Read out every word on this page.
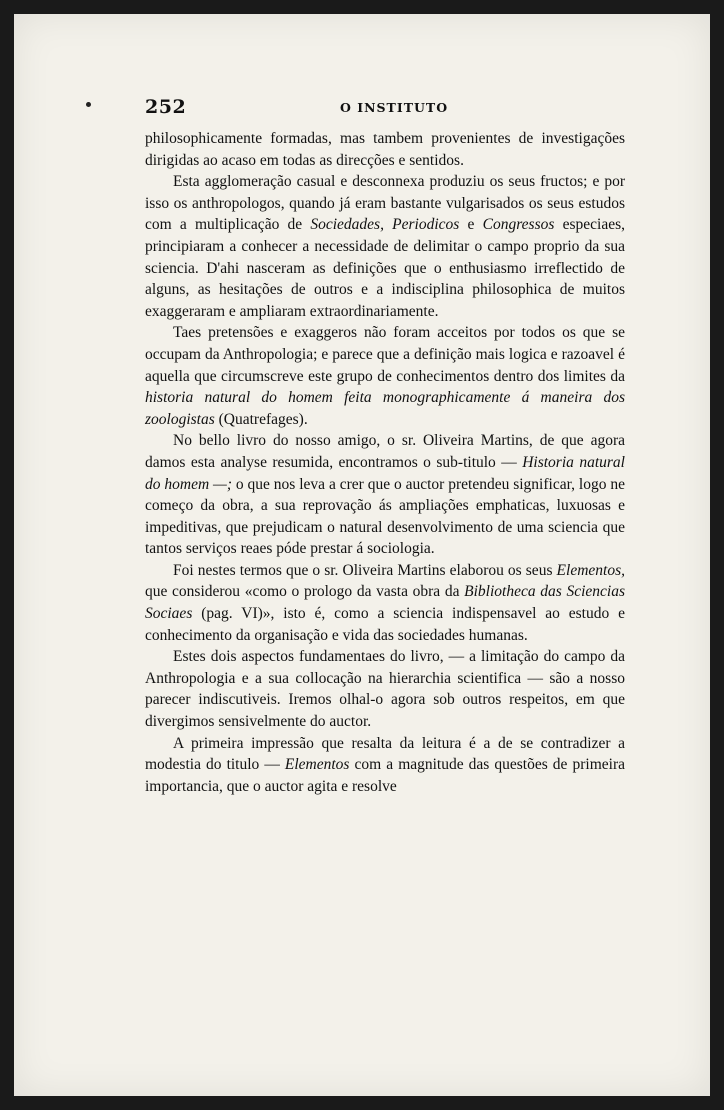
252	O INSTITUTO

philosophicamente formadas, mas tambem provenientes de investigações dirigidas ao acaso em todas as direcções e sentidos.

Esta agglomeração casual e desconnexa produziu os seus fructos; e por isso os anthropologos, quando já eram bastante vulgarisados os seus estudos com a multiplicação de Sociedades, Periodicos e Congressos especiaes, principiaram a conhecer a necessidade de delimitar o campo proprio da sua sciencia. D'ahi nasceram as definições que o enthusiasmo irreflectido de alguns, as hesitações de outros e a indisciplina philosophica de muitos exaggeraram e ampliaram extraordinariamente.

Taes pretensões e exaggeros não foram acceitos por todos os que se occupam da Anthropologia; e parece que a definição mais logica e razoavel é aquella que circumscreve este grupo de conhecimentos dentro dos limites da historia natural do homem feita monographicamente á maneira dos zoologistas (Quatrefages).

No bello livro do nosso amigo, o sr. Oliveira Martins, de que agora damos esta analyse resumida, encontramos o sub-titulo — Historia natural do homem —; o que nos leva a crer que o auctor pretendeu significar, logo ne começo da obra, a sua reprovação ás ampliações emphaticas, luxuosas e impeditivas, que prejudicam o natural desenvolvimento de uma sciencia que tantos serviços reaes póde prestar á sociologia.

Foi nestes termos que o sr. Oliveira Martins elaborou os seus Elementos, que considerou «como o prologo da vasta obra da Bibliotheca das Sciencias Sociaes (pag. VI)», isto é, como a sciencia indispensavel ao estudo e conhecimento da organisação e vida das sociedades humanas.

Estes dois aspectos fundamentaes do livro, — a limitação do campo da Anthropologia e a sua collocação na hierarchia scientifica — são a nosso parecer indiscutiveis. Iremos olhal-o agora sob outros respeitos, em que divergimos sensivelmente do auctor.

A primeira impressão que resalta da leitura é a de se contradizer a modestia do titulo — Elementos com a magnitude das questões de primeira importancia, que o auctor agita e resolve
